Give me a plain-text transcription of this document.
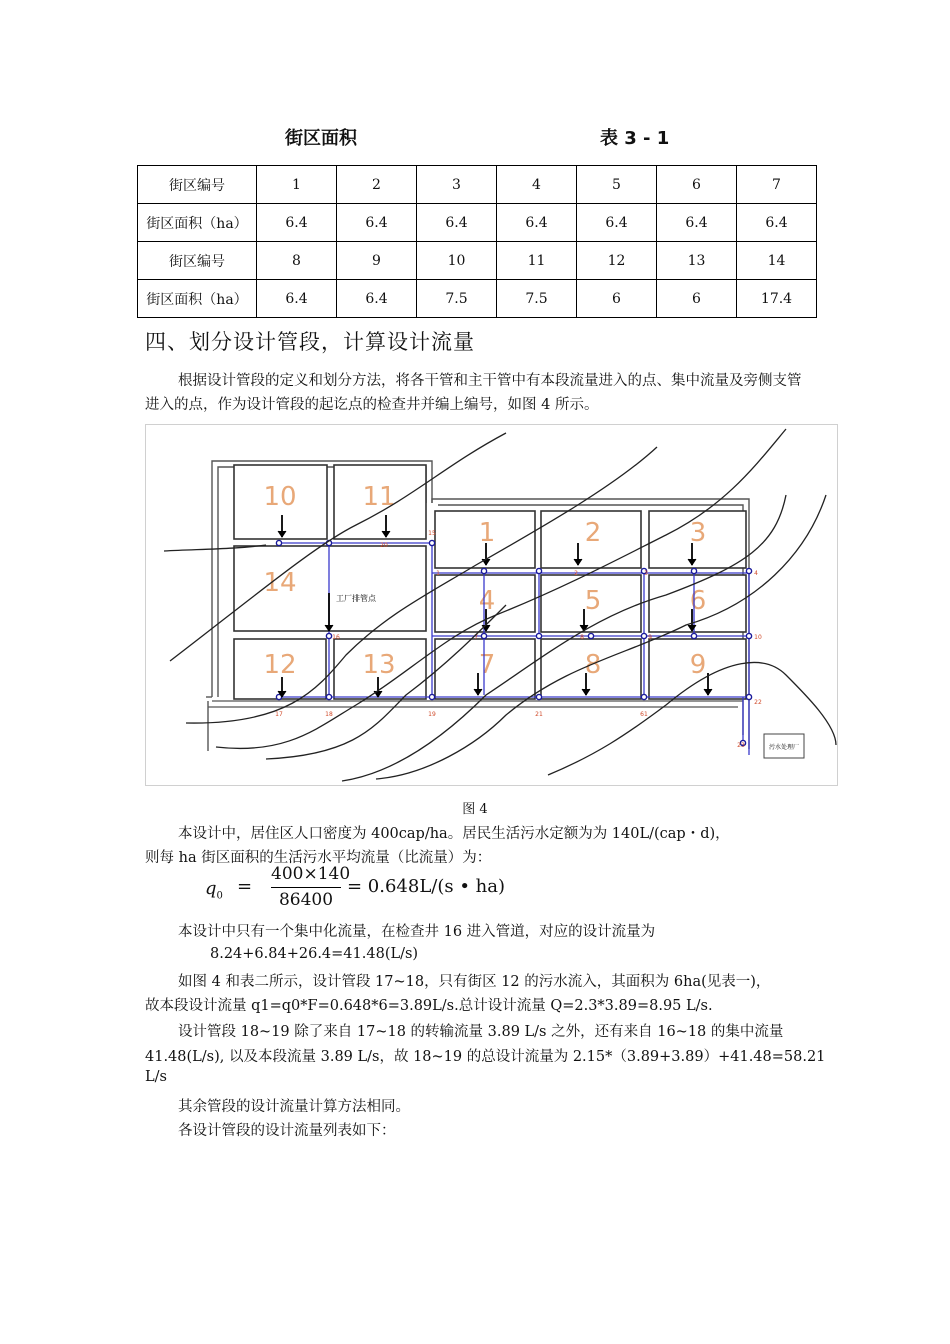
街区面积	表 3 - 1
街区编号	1	2	3	4	5	6	7
街区面积（ha）	6.4	6.4	6.4	6.4	6.4	6.4	6.4
街区编号	8	9	10	11	12	13	14
街区面积（ha）	6.4	6.4	7.5	7.5	6	6	17.4
四、划分设计管段，计算设计流量
根据设计管段的定义和划分方法，将各干管和主干管中有本段流量进入的点、集中流量及旁侧支管进入的点，作为设计管段的起讫点的检查井并编上编号，如图 4 所示。
10	11
14
12	13
1	2	3
4	5	6
7	8	9
17	18	19	21	61
22
23
15
16
20
1	2	3	4
7	8	9	10
工厂排管点
污水处理厂
图 4
本设计中，居住区人口密度为 400cap/ha。居民生活污水定额为为 140L/(cap・d)，
则每 ha 街区面积的生活污水平均流量（比流量）为：
$q_0$ =
400×140
86400
= 0.648L/(s • ha)
本设计中只有一个集中化流量，在检查井 16 进入管道，对应的设计流量为
8.24+6.84+26.4=41.48(L/s)
如图 4 和表二所示，设计管段 17~18，只有街区 12 的污水流入，其面积为 6ha(见表一)，
故本段设计流量 q1=q0*F=0.648*6=3.89L/s.总计设计流量 Q=2.3*3.89=8.95 L/s.
设计管段 18~19 除了来自 17~18 的转输流量 3.89 L/s 之外，还有来自 16~18 的集中流量
41.48(L/s), 以及本段流量 3.89 L/s，故 18~19 的总设计流量为 2.15*（3.89+3.89）+41.48=58.21
L/s
其余管段的设计流量计算方法相同。
各设计管段的设计流量列表如下：
